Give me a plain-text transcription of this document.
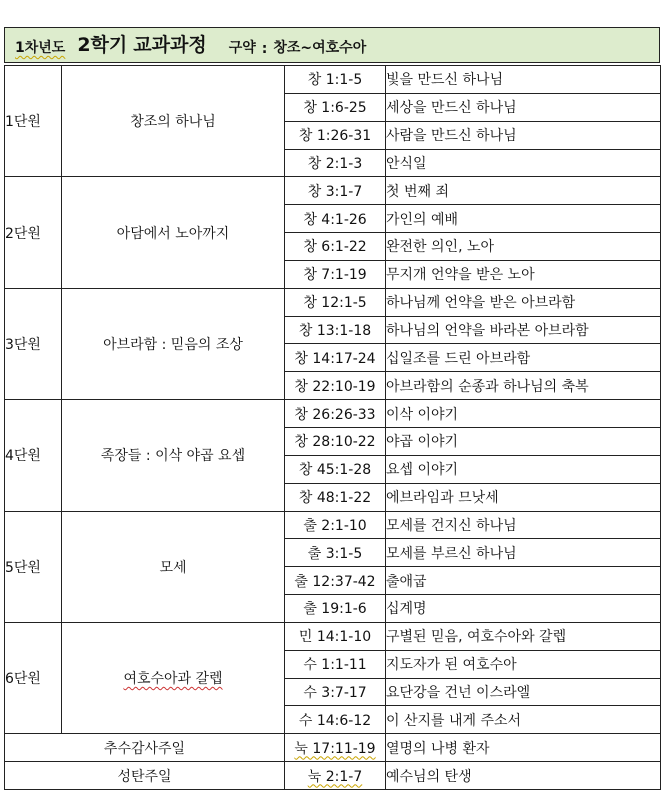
1차년도 2학기 교과과정 구약 : 창조~여호수아
1단원	창조의 하나님	창 1:1-5	빛을 만드신 하나님
		창 1:6-25	세상을 만드신 하나님
		창 1:26-31	사람을 만드신 하나님
		창 2:1-3	안식일
2단원	아담에서 노아까지	창 3:1-7	첫 번째 죄
		창 4:1-26	가인의 예배
		창 6:1-22	완전한 의인, 노아
		창 7:1-19	무지개 언약을 받은 노아
3단원	아브라함 : 믿음의 조상	창 12:1-5	하나님께 언약을 받은 아브라함
		창 13:1-18	하나님의 언약을 바라본 아브라함
		창 14:17-24	십일조를 드린 아브라함
		창 22:10-19	아브라함의 순종과 하나님의 축복
4단원	족장들 : 이삭 야곱 요셉	창 26:26-33	이삭 이야기
		창 28:10-22	야곱 이야기
		창 45:1-28	요셉 이야기
		창 48:1-22	에브라임과 므낫세
5단원	모세	출 2:1-10	모세를 건지신 하나님
		출 3:1-5	모세를 부르신 하나님
		출 12:37-42	출애굽
		출 19:1-6	십계명
6단원	여호수아과 갈렙	민 14:1-10	구별된 믿음, 여호수아와 갈렙
		수 1:1-11	지도자가 된 여호수아
		수 3:7-17	요단강을 건넌 이스라엘
		수 14:6-12	이 산지를 내게 주소서
추수감사주일		눅 17:11-19	열명의 나병 환자
성탄주일		눅 2:1-7	예수님의 탄생
